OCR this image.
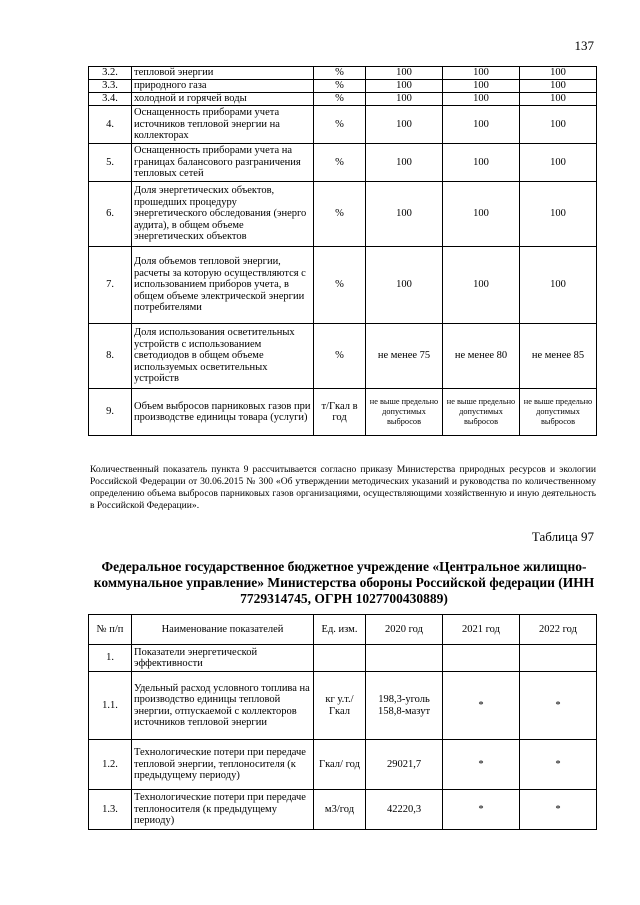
137
3.2.	тепловой энергии	%	100	100	100
3.3.	природного газа	%	100	100	100
3.4.	холодной и горячей воды	%	100	100	100
4.	Оснащенность приборами учета источников тепловой энергии на коллекторах	%	100	100	100
5.	Оснащенность приборами учета на границах балансового разграничения тепловых сетей	%	100	100	100
6.	Доля энергетических объектов, прошедших процедуру энергетического обследования (энерго аудита), в общем объеме энергетических объектов	%	100	100	100
7.	Доля объемов тепловой энергии, расчеты за которую осуществляются с использованием приборов учета, в общем объеме электрической энергии потребителями	%	100	100	100
8.	Доля использования осветительных устройств с использованием светодиодов в общем объеме используемых осветительных устройств	%	не менее 75	не менее 80	не менее 85
9.	Объем выбросов парниковых газов при производстве единицы товара (услуги)	т/Гкал в год	не выше предельно допустимых выбросов	не выше предельно допустимых выбросов	не выше предельно допустимых выбросов
Количественный показатель пункта 9 рассчитывается согласно приказу Министерства природных ресурсов и экологии Российской Федерации от 30.06.2015 № 300 «Об утверждении методических указаний и руководства по количественному определению объема выбросов парниковых газов организациями, осуществляющими хозяйственную и иную деятельность в Российской Федерации».
Таблица 97
Федеральное государственное бюджетное учреждение «Центральное жилищно-коммунальное управление» Министерства обороны Российской федерации (ИНН 7729314745, ОГРН 1027700430889)
№ п/п	Наименование показателей	Ед. изм.	2020 год	2021 год	2022 год
1.	Показатели энергетической эффективности				
1.1.	Удельный расход условного топлива на производство единицы тепловой энергии, отпускаемой с коллекторов источников тепловой энергии	кг у.т./ Гкал	198,3-уголь 158,8-мазут	*	*
1.2.	Технологические потери при передаче тепловой энергии, теплоносителя (к предыдущему периоду)	Гкал/ год	29021,7	*	*
1.3.	Технологические потери при передаче теплоносителя (к предыдущему периоду)	м3/год	42220,3	*	*
